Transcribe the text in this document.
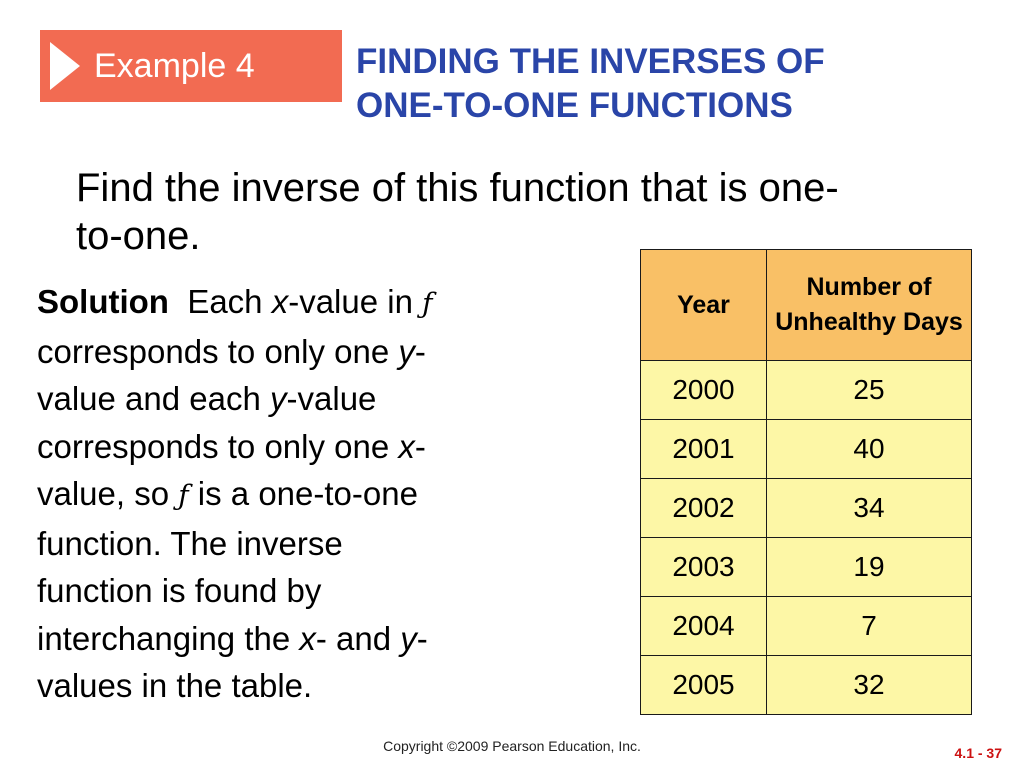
Example 4	FINDING THE INVERSES OF
ONE-TO-ONE FUNCTIONS
Find the inverse of this function that is one-
to-one.
Solution Each x-value in ƒ
corresponds to only one y-
value and each y-value
corresponds to only one x-
value, so ƒ is a one-to-one
function. The inverse
function is found by
interchanging the x- and y-
values in the table.
Year	Number of Unhealthy Days
2000	25
2001	40
2002	34
2003	19
2004	7
2005	32
Copyright ©2009 Pearson Education, Inc.	4.1 - 37
